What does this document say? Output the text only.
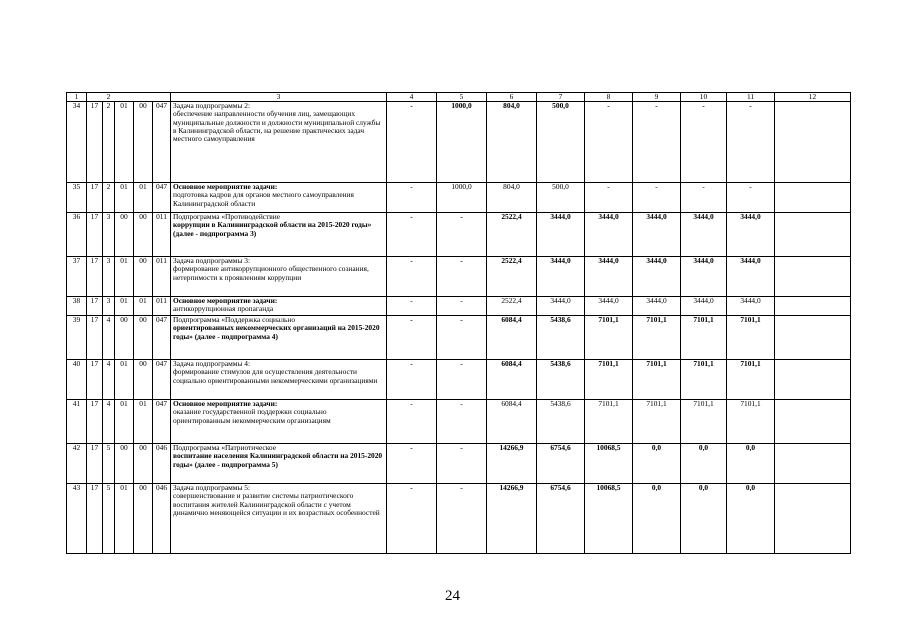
1		2				3	4	5	6	7	8	9	10	11	12
34	17	2	01	00	047	Задача подпрограммы 2:
обеспечение направленности обучения лиц, замещающих муниципальные должности и должности муниципальной службы в Калининградской области, на решение практических задач местного самоуправления	-	1000,0	804,0	500,0	-	-	-	-	
35	17	2	01	01	047	Основное мероприятие задачи:
подготовка кадров для органов местного самоуправления Калининградской области	-	1000,0	804,0	500,0	-	-	-	-	
36	17	3	00	00	011	Подпрограмма «Противодействие
коррупции в Калининградской области на 2015-2020 годы» (далее - подпрограмма 3)	-	-	2522,4	3444,0	3444,0	3444,0	3444,0	3444,0	
37	17	3	01	00	011	Задача подпрограммы 3:
формирование антикоррупционного общественного сознания, нетерпимости к проявлениям коррупции	-	-	2522,4	3444,0	3444,0	3444,0	3444,0	3444,0	
38	17	3	01	01	011	Основное мероприятие задачи:
антикоррупционная пропаганда	-	-	2522,4	3444,0	3444,0	3444,0	3444,0	3444,0	
39	17	4	00	00	047	Подпрограмма «Поддержка социально
ориентированных некоммерческих организаций на 2015-2020 годы» (далее - подпрограмма 4)	-	-	6084,4	5438,6	7101,1	7101,1	7101,1	7101,1	
40	17	4	01	00	047	Задача подпрограммы 4:
формирование стимулов для осуществления деятельности социально ориентированными некоммерческими организациями	-	-	6084,4	5438,6	7101,1	7101,1	7101,1	7101,1	
41	17	4	01	01	047	Основное мероприятие задачи:
оказание государственной поддержки социально ориентированным некоммерческим организациям	-	-	6084,4	5438,6	7101,1	7101,1	7101,1	7101,1	
42	17	5	00	00	046	Подпрограмма «Патриотическое
воспитание населения Калининградской области на 2015-2020 годы» (далее - подпрограмма 5)	-	-	14266,9	6754,6	10068,5	0,0	0,0	0,0	
43	17	5	01	00	046	Задача подпрограммы 5:
совершенствование и развитие системы патриотического воспитания жителей Калининградской области с учетом динамично меняющейся ситуации и их возрастных особенностей	-	-	14266,9	6754,6	10068,5	0,0	0,0	0,0	
24
